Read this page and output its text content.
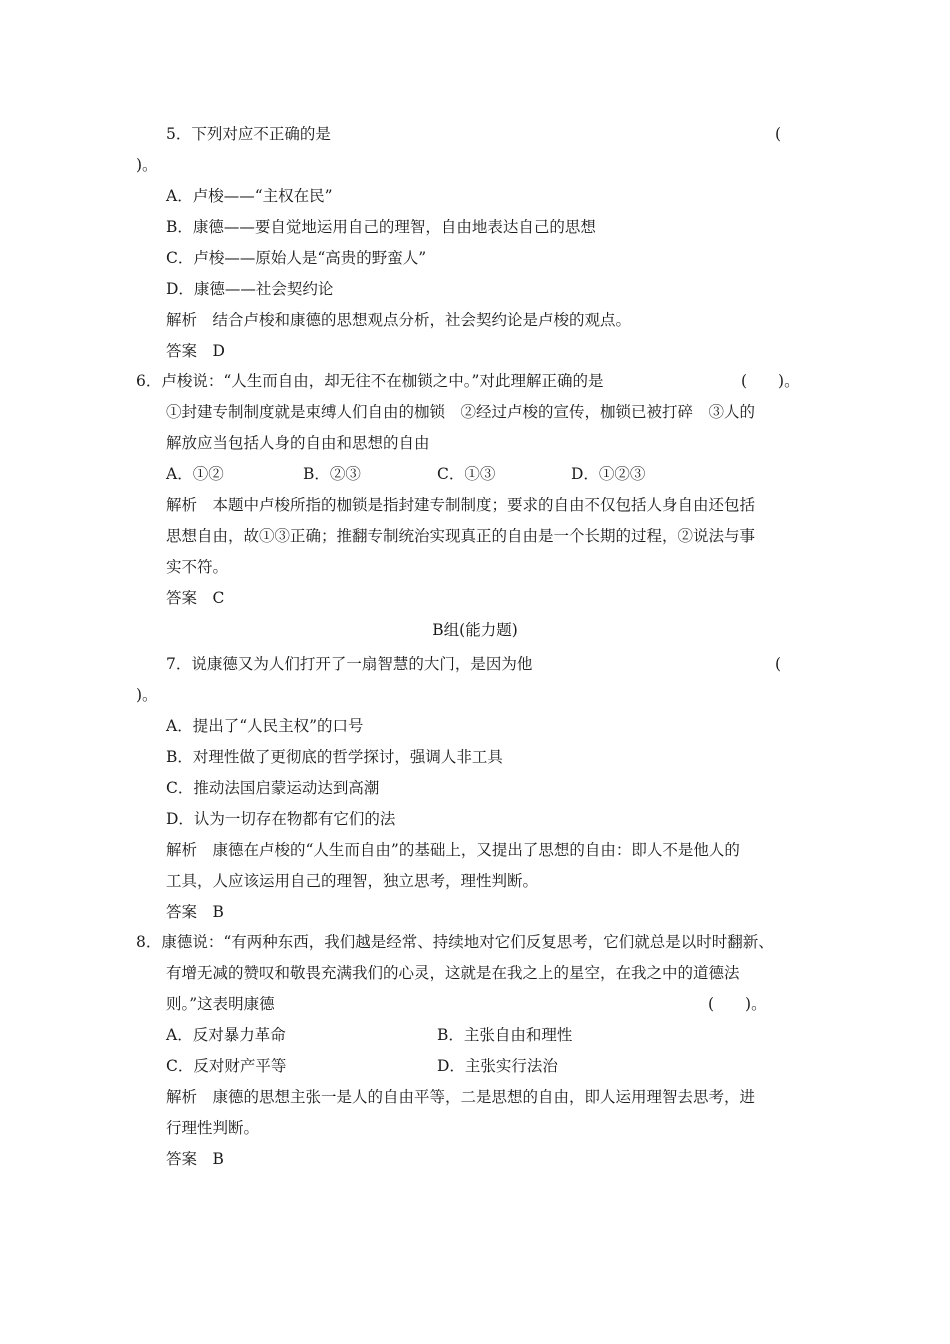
5．下列对应不正确的是	(
)。
A．卢梭——“主权在民”
B．康德——要自觉地运用自己的理智，自由地表达自己的思想
C．卢梭——原始人是“高贵的野蛮人”
D．康德——社会契约论
解析　结合卢梭和康德的思想观点分析，社会契约论是卢梭的观点。
答案　D
6．卢梭说：“人生而自由，却无往不在枷锁之中。”对此理解正确的是	(　　)。
①封建专制制度就是束缚人们自由的枷锁　②经过卢梭的宣传，枷锁已被打碎　③人的
解放应当包括人身的自由和思想的自由
A．①②	B．②③	C．①③	D．①②③
解析　本题中卢梭所指的枷锁是指封建专制制度；要求的自由不仅包括人身自由还包括
思想自由，故①③正确；推翻专制统治实现真正的自由是一个长期的过程，②说法与事
实不符。
答案　C
B组(能力题)
7．说康德又为人们打开了一扇智慧的大门，是因为他	(
)。
A．提出了“人民主权”的口号
B．对理性做了更彻底的哲学探讨，强调人非工具
C．推动法国启蒙运动达到高潮
D．认为一切存在物都有它们的法
解析　康德在卢梭的“人生而自由”的基础上，又提出了思想的自由：即人不是他人的
工具，人应该运用自己的理智，独立思考，理性判断。
答案　B
8．康德说：“有两种东西，我们越是经常、持续地对它们反复思考，它们就总是以时时翻新、
有增无减的赞叹和敬畏充满我们的心灵，这就是在我之上的星空，在我之中的道德法
则。”这表明康德	(　　)。
A．反对暴力革命	B．主张自由和理性
C．反对财产平等	D．主张实行法治
解析　康德的思想主张一是人的自由平等，二是思想的自由，即人运用理智去思考，进
行理性判断。
答案　B
